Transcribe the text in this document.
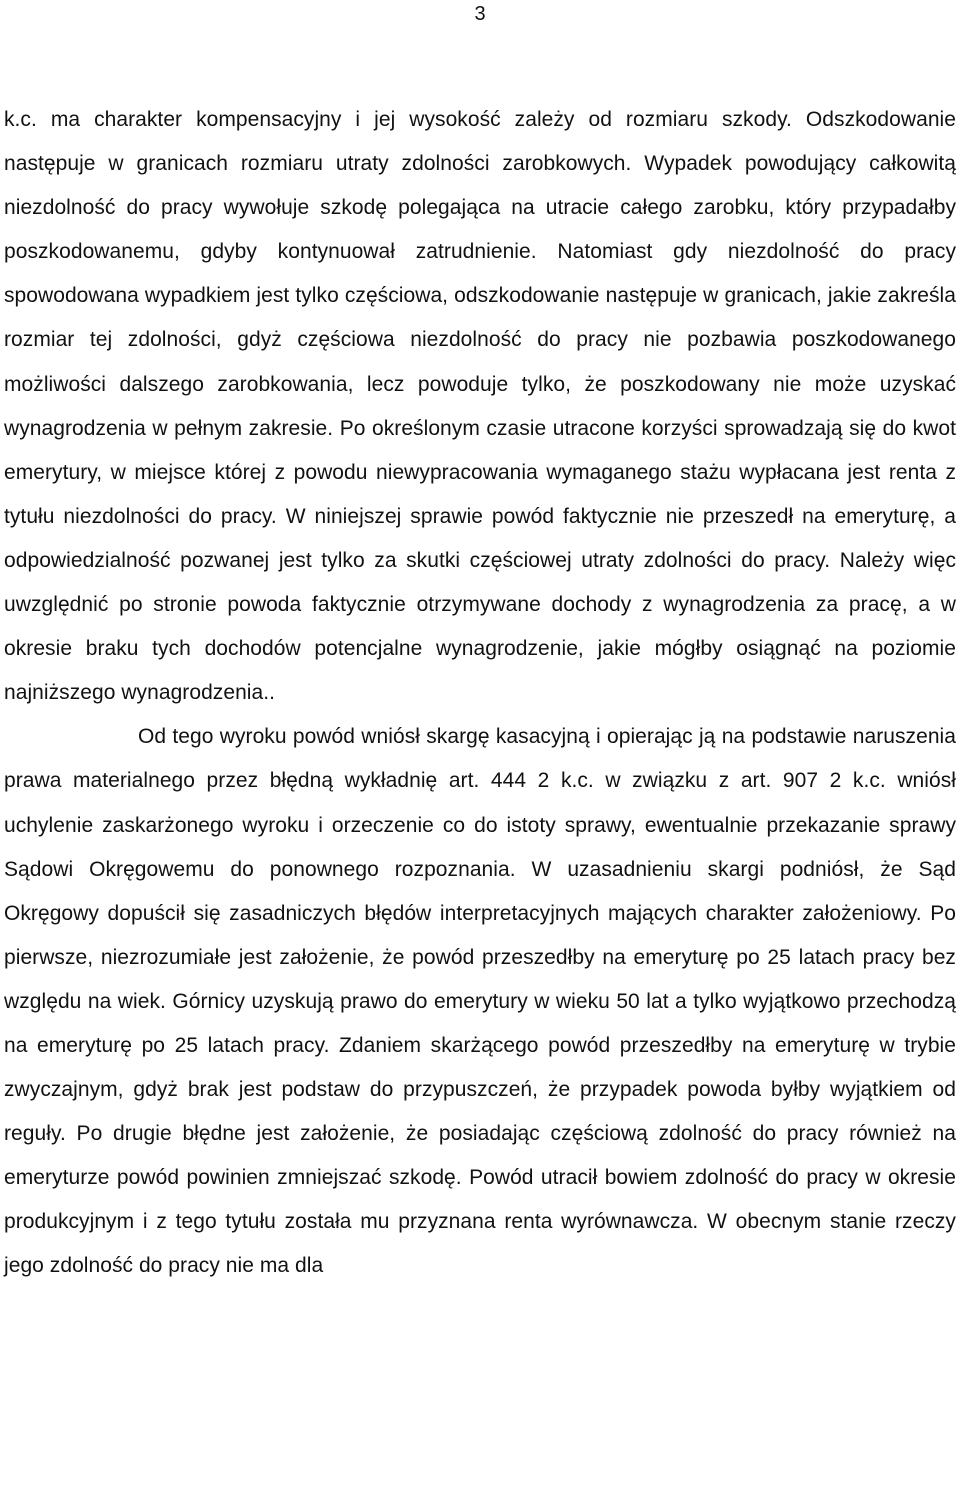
3

k.c. ma charakter kompensacyjny i jej wysokość zależy od rozmiaru szkody. Odszkodowanie następuje w granicach rozmiaru utraty zdolności zarobkowych. Wypadek powodujący całkowitą niezdolność do pracy wywołuje szkodę polegająca na utracie całego zarobku, który przypadałby poszkodowanemu, gdyby kontynuował zatrudnienie. Natomiast gdy niezdolność do pracy spowodowana wypadkiem jest tylko częściowa, odszkodowanie następuje w granicach, jakie zakreśla rozmiar tej zdolności, gdyż częściowa niezdolność do pracy nie pozbawia poszkodowanego możliwości dalszego zarobkowania, lecz powoduje tylko, że poszkodowany nie może uzyskać wynagrodzenia w pełnym zakresie. Po określonym czasie utracone korzyści sprowadzają się do kwot emerytury, w miejsce której z powodu niewypracowania wymaganego stażu wypłacana jest renta z tytułu niezdolności do pracy. W niniejszej sprawie powód faktycznie nie przeszedł na emeryturę, a odpowiedzialność pozwanej jest tylko za skutki częściowej utraty zdolności do pracy. Należy więc uwzględnić po stronie powoda faktycznie otrzymywane dochody z wynagrodzenia za pracę, a w okresie braku tych dochodów potencjalne wynagrodzenie, jakie mógłby osiągnąć na poziomie najniższego wynagrodzenia..

Od tego wyroku powód wniósł skargę kasacyjną i opierając ją na podstawie naruszenia prawa materialnego przez błędną wykładnię art. 444 2 k.c. w związku z art. 907 2 k.c. wniósł uchylenie zaskarżonego wyroku i orzeczenie co do istoty sprawy, ewentualnie przekazanie sprawy Sądowi Okręgowemu do ponownego rozpoznania. W uzasadnieniu skargi podniósł, że Sąd Okręgowy dopuścił się zasadniczych błędów interpretacyjnych mających charakter założeniowy. Po pierwsze, niezrozumiałe jest założenie, że powód przeszedłby na emeryturę po 25 latach pracy bez względu na wiek. Górnicy uzyskują prawo do emerytury w wieku 50 lat a tylko wyjątkowo przechodzą na emeryturę po 25 latach pracy. Zdaniem skarżącego powód przeszedłby na emeryturę w trybie zwyczajnym, gdyż brak jest podstaw do przypuszczeń, że przypadek powoda byłby wyjątkiem od reguły. Po drugie błędne jest założenie, że posiadając częściową zdolność do pracy również na emeryturze powód powinien zmniejszać szkodę. Powód utracił bowiem zdolność do pracy w okresie produkcyjnym i z tego tytułu została mu przyznana renta wyrównawcza. W obecnym stanie rzeczy jego zdolność do pracy nie ma dla
